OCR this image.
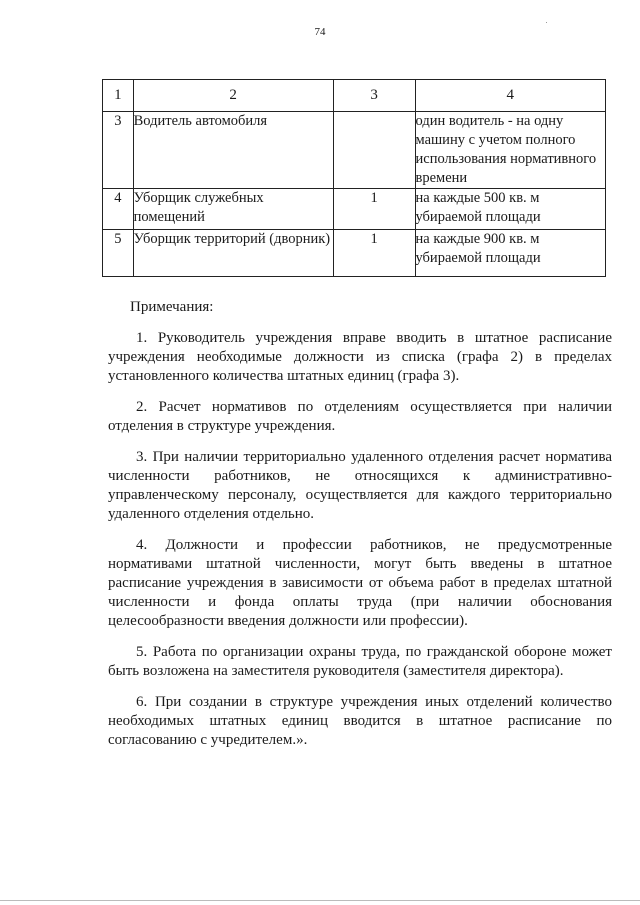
74
1	2	3	4
3	Водитель автомобиля		один водитель - на одну машину с учетом полного использования нормативного времени
4	Уборщик служебных помещений	1	на каждые 500 кв. м убираемой площади
5	Уборщик территорий (дворник)	1	на каждые 900 кв. м убираемой площади
Примечания:

1. Руководитель учреждения вправе вводить в штатное расписание учреждения необходимые должности из списка (графа 2) в пределах установленного количества штатных единиц (графа 3).

2. Расчет нормативов по отделениям осуществляется при наличии отделения в структуре учреждения.

3. При наличии территориально удаленного отделения расчет норматива численности работников, не относящихся к административно-управленческому персоналу, осуществляется для каждого территориально удаленного отделения отдельно.

4. Должности и профессии работников, не предусмотренные нормативами штатной численности, могут быть введены в штатное расписание учреждения в зависимости от объема работ в пределах штатной численности и фонда оплаты труда (при наличии обоснования целесообразности введения должности или профессии).

5. Работа по организации охраны труда, по гражданской обороне может быть возложена на заместителя руководителя (заместителя директора).

6. При создании в структуре учреждения иных отделений количество необходимых штатных единиц вводится в штатное расписание по согласованию с учредителем.».
